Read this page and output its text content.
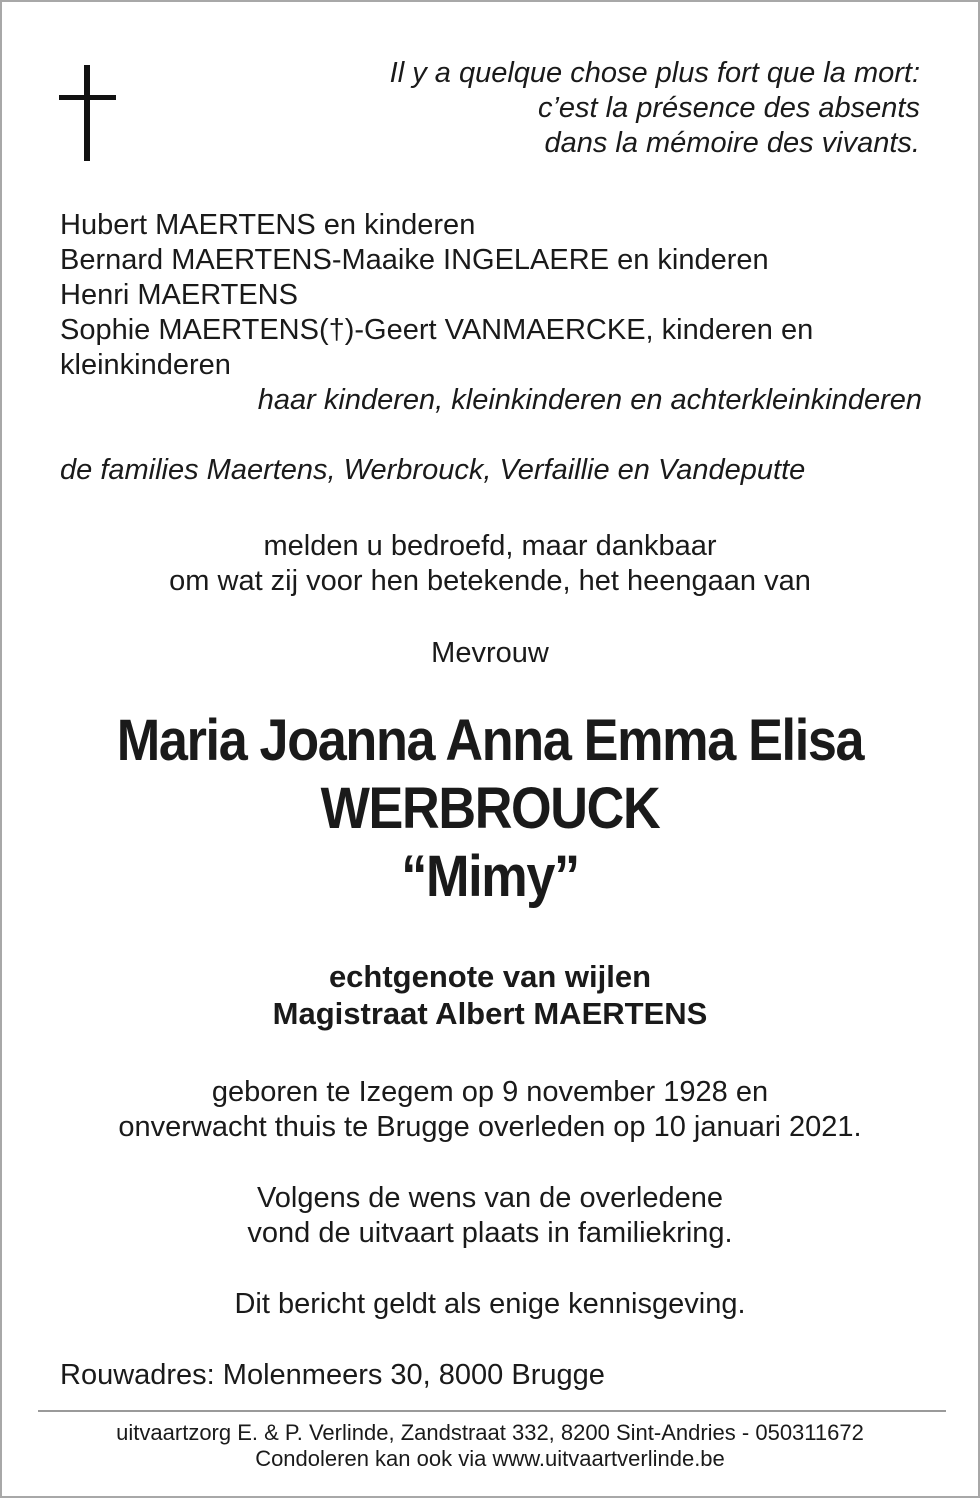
Il y a quelque chose plus fort que la mort:
c’est la présence des absents
dans la mémoire des vivants.
Hubert MAERTENS en kinderen
Bernard MAERTENS-Maaike INGELAERE en kinderen
Henri MAERTENS
Sophie MAERTENS(†)-Geert VANMAERCKE, kinderen en
kleinkinderen
haar kinderen, kleinkinderen en achterkleinkinderen
de families Maertens, Werbrouck, Verfaillie en Vandeputte
melden u bedroefd, maar dankbaar
om wat zij voor hen betekende, het heengaan van
Mevrouw
Maria Joanna Anna Emma Elisa
WERBROUCK
“Mimy”
echtgenote van wijlen
Magistraat Albert MAERTENS
geboren te Izegem op 9 november 1928 en
onverwacht thuis te Brugge overleden op 10 januari 2021.
Volgens de wens van de overledene
vond de uitvaart plaats in familiekring.
Dit bericht geldt als enige kennisgeving.
Rouwadres: Molenmeers 30, 8000 Brugge
uitvaartzorg E. & P. Verlinde, Zandstraat 332, 8200 Sint-Andries - 050311672
Condoleren kan ook via www.uitvaartverlinde.be
